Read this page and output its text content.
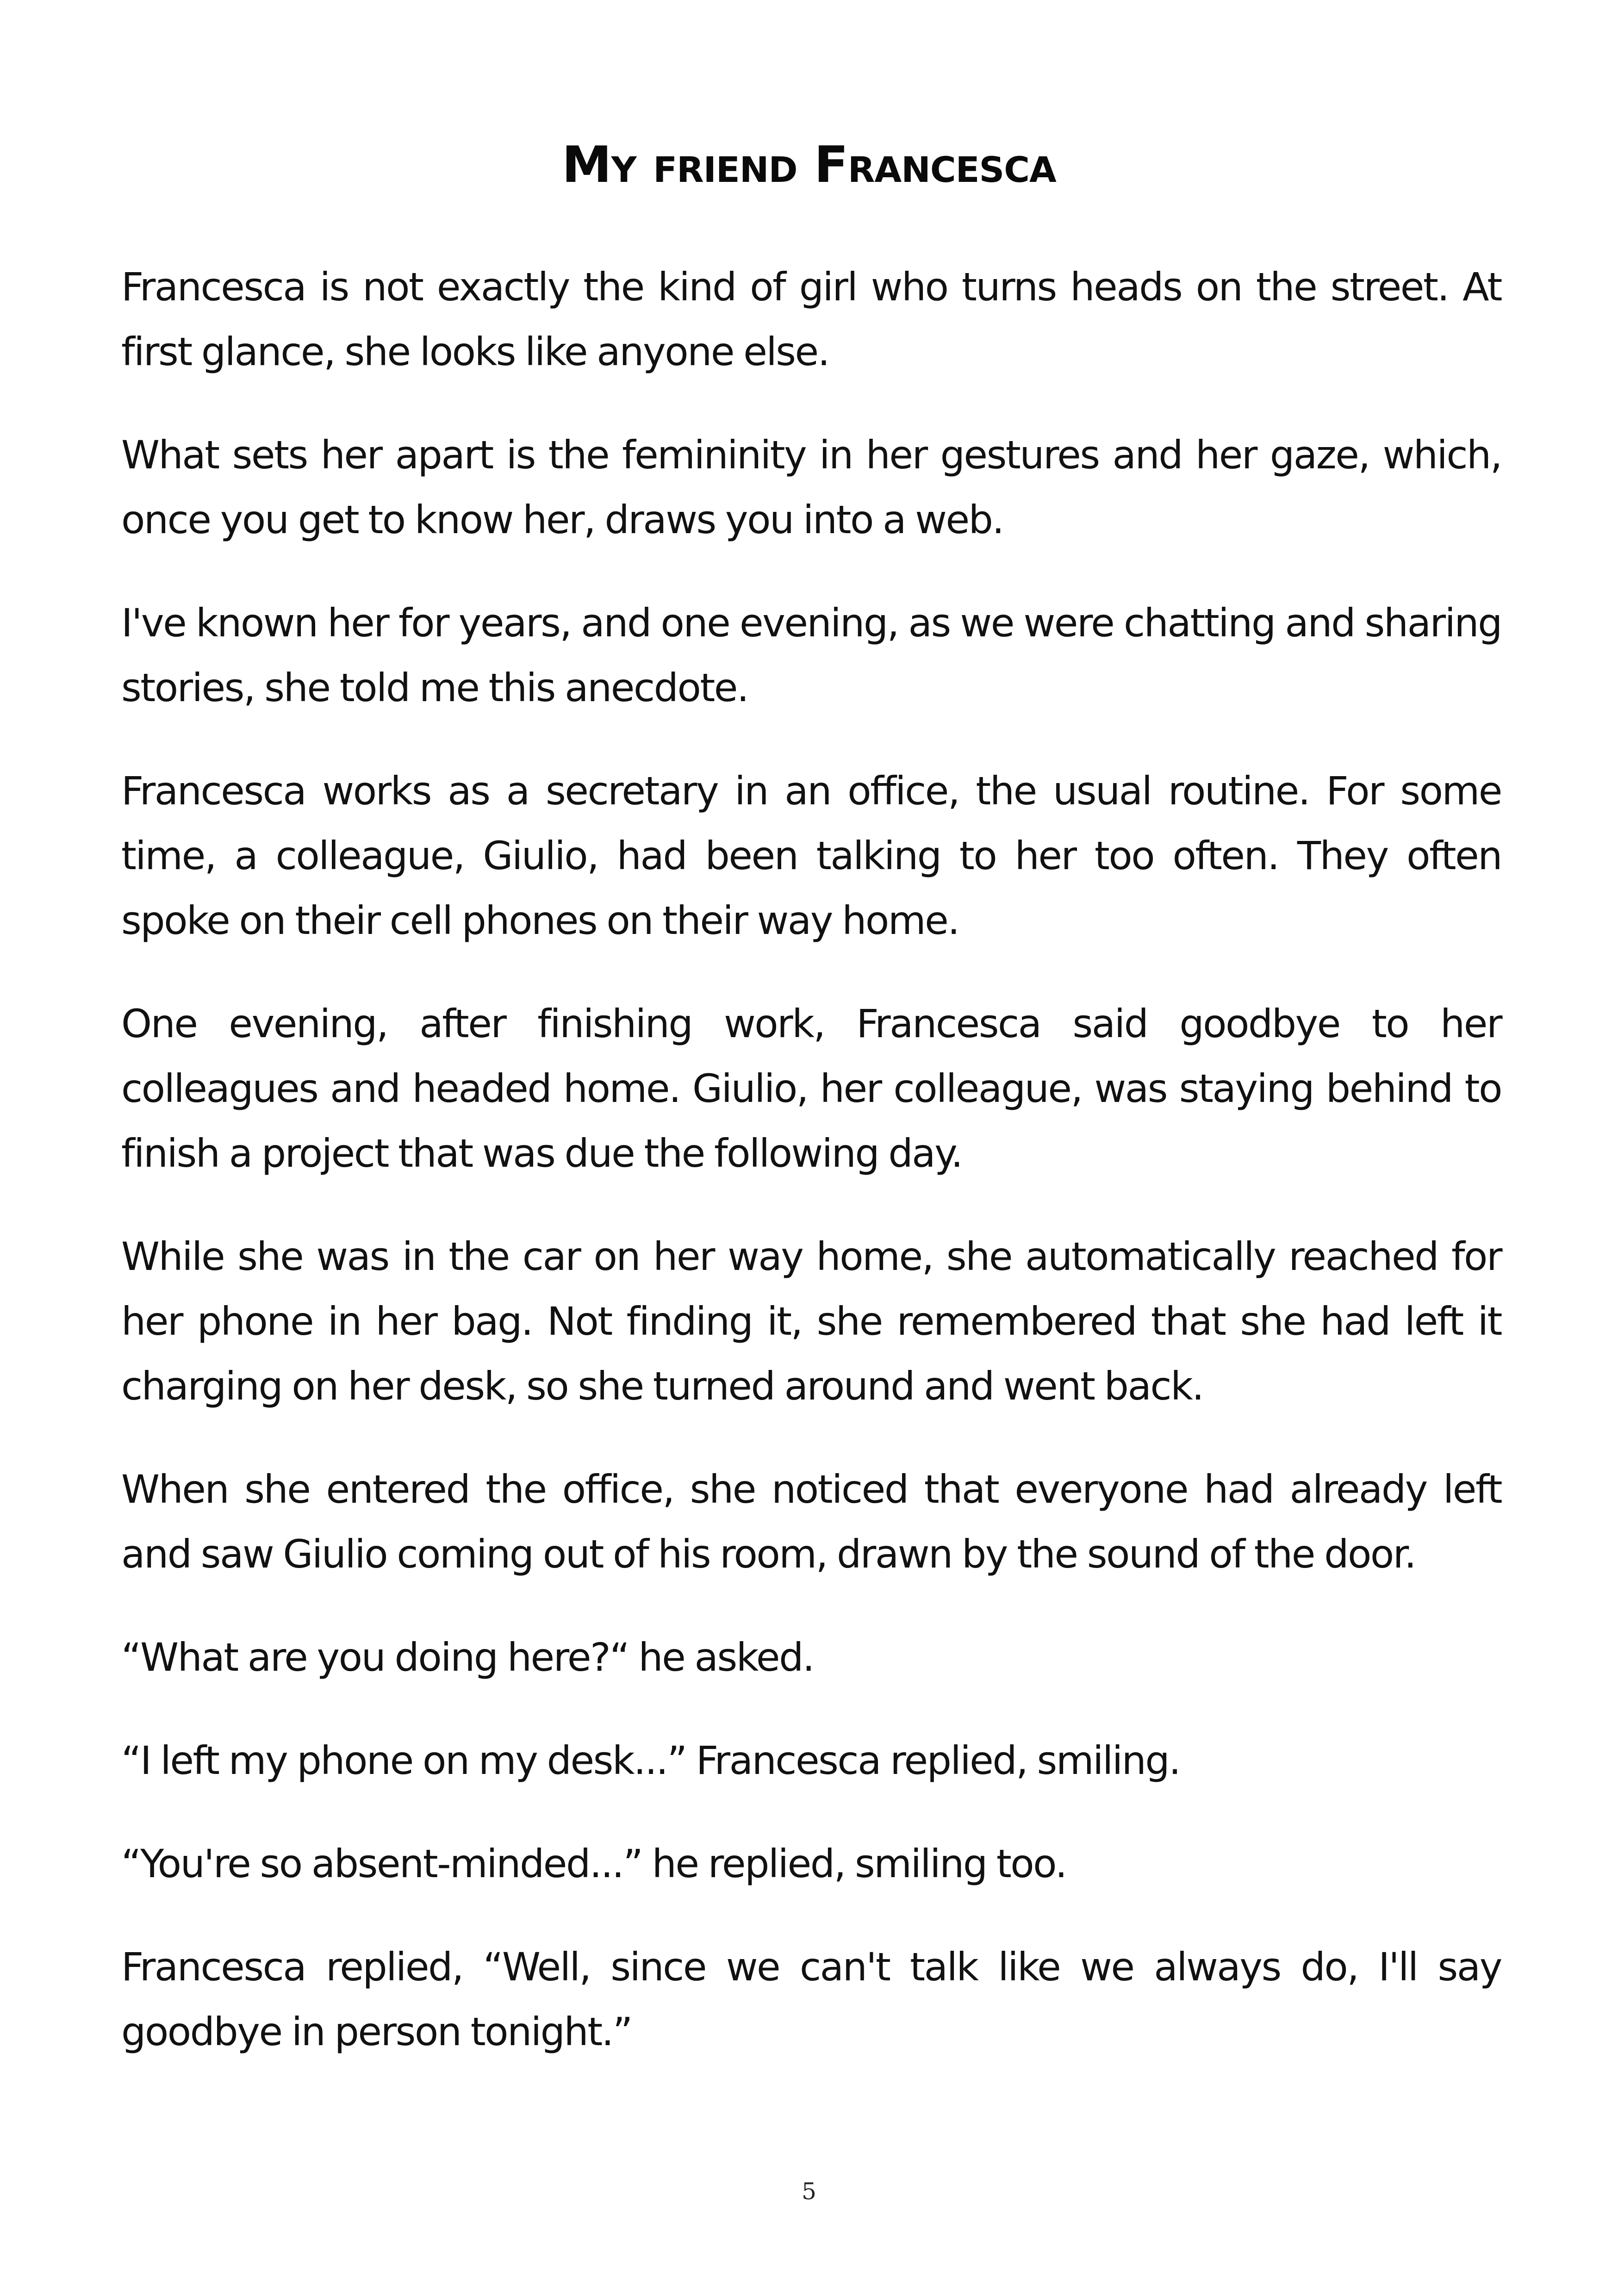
My friend Francesca

Francesca is not exactly the kind of girl who turns heads on the street. At first glance, she looks like anyone else.

What sets her apart is the femininity in her gestures and her gaze, which, once you get to know her, draws you into a web.

I've known her for years, and one evening, as we were chatting and sharing stories, she told me this anecdote.

Francesca works as a secretary in an office, the usual routine. For some time, a colleague, Giulio, had been talking to her too often. They often spoke on their cell phones on their way home.

One evening, after finishing work, Francesca said goodbye to her colleagues and headed home. Giulio, her colleague, was staying behind to finish a project that was due the following day.

While she was in the car on her way home, she automatically reached for her phone in her bag. Not finding it, she remembered that she had left it charging on her desk, so she turned around and went back.

When she entered the office, she noticed that everyone had already left and saw Giulio coming out of his room, drawn by the sound of the door.

“What are you doing here?“ he asked.

“I left my phone on my desk...” Francesca replied, smiling.

“You're so absent-minded...” he replied, smiling too.

Francesca replied, “Well, since we can't talk like we always do, I'll say goodbye in person tonight.”

5
